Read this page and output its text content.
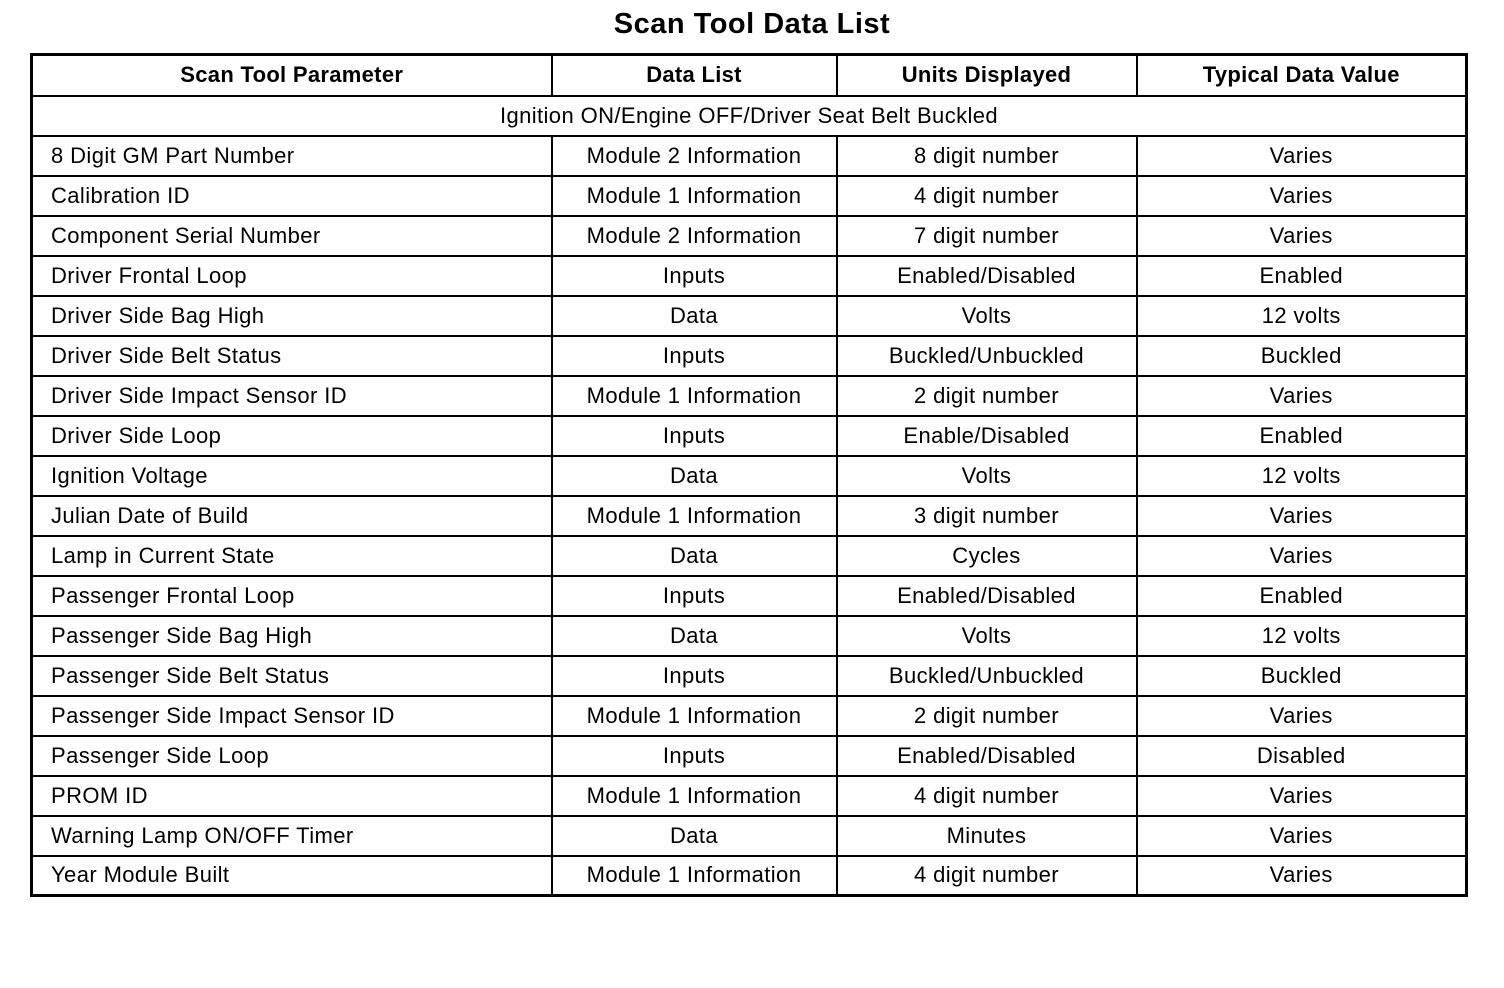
Scan Tool Data List
Scan Tool Parameter	Data List	Units Displayed	Typical Data Value
Ignition ON/Engine OFF/Driver Seat Belt Buckled			
8 Digit GM Part Number	Module 2 Information	8 digit number	Varies
Calibration ID	Module 1 Information	4 digit number	Varies
Component Serial Number	Module 2 Information	7 digit number	Varies
Driver Frontal Loop	Inputs	Enabled/Disabled	Enabled
Driver Side Bag High	Data	Volts	12 volts
Driver Side Belt Status	Inputs	Buckled/Unbuckled	Buckled
Driver Side Impact Sensor ID	Module 1 Information	2 digit number	Varies
Driver Side Loop	Inputs	Enable/Disabled	Enabled
Ignition Voltage	Data	Volts	12 volts
Julian Date of Build	Module 1 Information	3 digit number	Varies
Lamp in Current State	Data	Cycles	Varies
Passenger Frontal Loop	Inputs	Enabled/Disabled	Enabled
Passenger Side Bag High	Data	Volts	12 volts
Passenger Side Belt Status	Inputs	Buckled/Unbuckled	Buckled
Passenger Side Impact Sensor ID	Module 1 Information	2 digit number	Varies
Passenger Side Loop	Inputs	Enabled/Disabled	Disabled
PROM ID	Module 1 Information	4 digit number	Varies
Warning Lamp ON/OFF Timer	Data	Minutes	Varies
Year Module Built	Module 1 Information	4 digit number	Varies
